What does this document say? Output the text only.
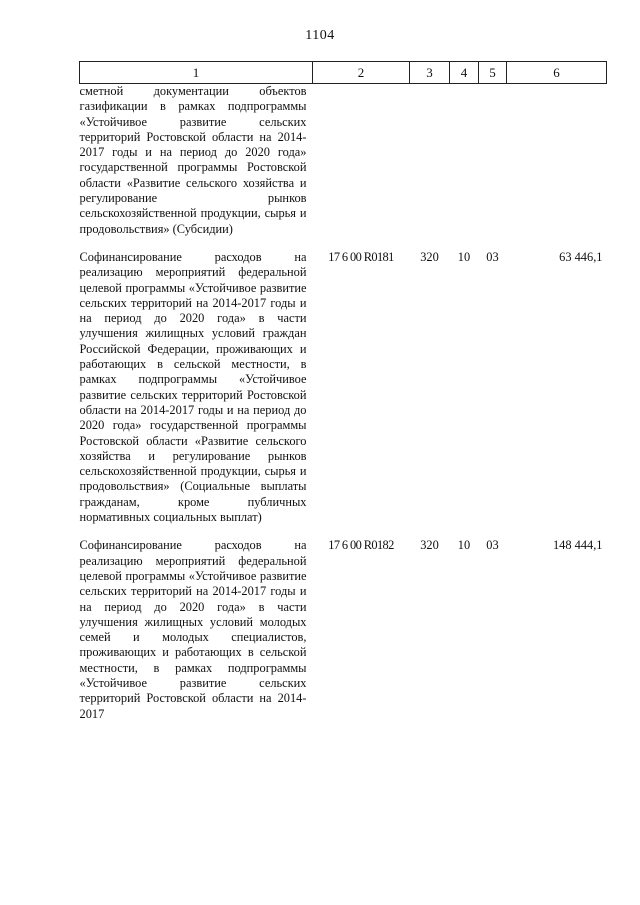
1104
1	2	3	4	5	6
сметной документации объектов газификации в рамках подпрограммы «Устойчивое развитие сельских территорий Ростовской области на 2014-2017 годы и на период до 2020 года» государственной программы Ростовской области «Развитие сельского хозяйства и регулирование рынков сельскохозяйственной продукции, сырья и продовольствия» (Субсидии)					
Софинансирование расходов на реализацию мероприятий федеральной целевой программы «Устойчивое развитие сельских территорий на 2014-2017 годы и на период до 2020 года» в части улучшения жилищных условий граждан Российской Федерации, проживающих и работающих в сельской местности, в рамках подпрограммы «Устойчивое развитие сельских территорий Ростовской области на 2014-2017 годы и на период до 2020 года» государственной программы Ростовской области «Развитие сельского хозяйства и регулирование рынков сельскохозяйственной продукции, сырья и продовольствия» (Социальные выплаты гражданам, кроме публичных нормативных социальных выплат)	17 6 00 R0181	320	10	03	63 446,1
Софинансирование расходов на реализацию мероприятий федеральной целевой программы «Устойчивое развитие сельских территорий на 2014-2017 годы и на период до 2020 года» в части улучшения жилищных условий молодых семей и молодых специалистов, проживающих и работающих в сельской местности, в рамках подпрограммы «Устойчивое развитие сельских территорий Ростовской области на 2014-2017	17 6 00 R0182	320	10	03	148 444,1
